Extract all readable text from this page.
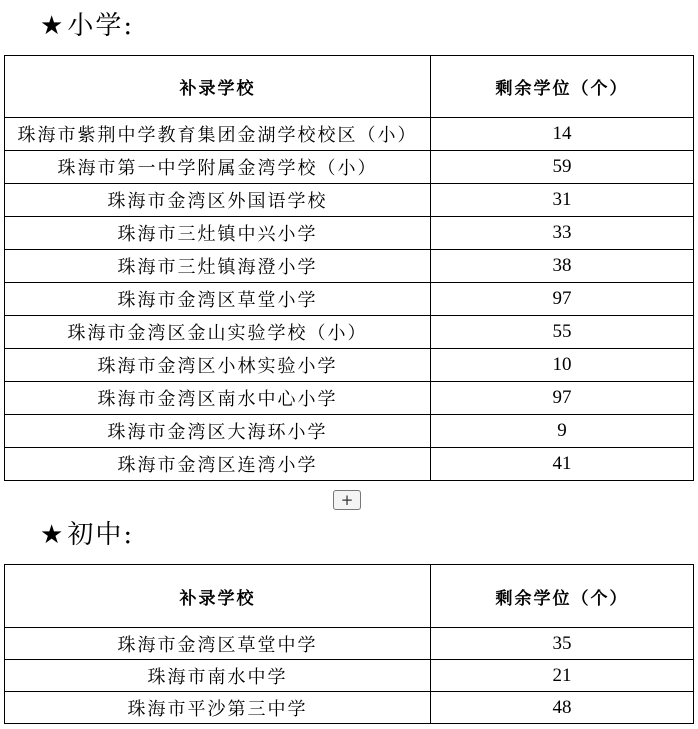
★小学:
补录学校	剩余学位（个）
珠海市紫荆中学教育集团金湖学校校区（小）	14
珠海市第一中学附属金湾学校（小）	59
珠海市金湾区外国语学校	31
珠海市三灶镇中兴小学	33
珠海市三灶镇海澄小学	38
珠海市金湾区草堂小学	97
珠海市金湾区金山实验学校（小）	55
珠海市金湾区小林实验小学	10
珠海市金湾区南水中心小学	97
珠海市金湾区大海环小学	9
珠海市金湾区连湾小学	41
+
★初中:
补录学校	剩余学位（个）
珠海市金湾区草堂中学	35
珠海市南水中学	21
珠海市平沙第三中学	48
